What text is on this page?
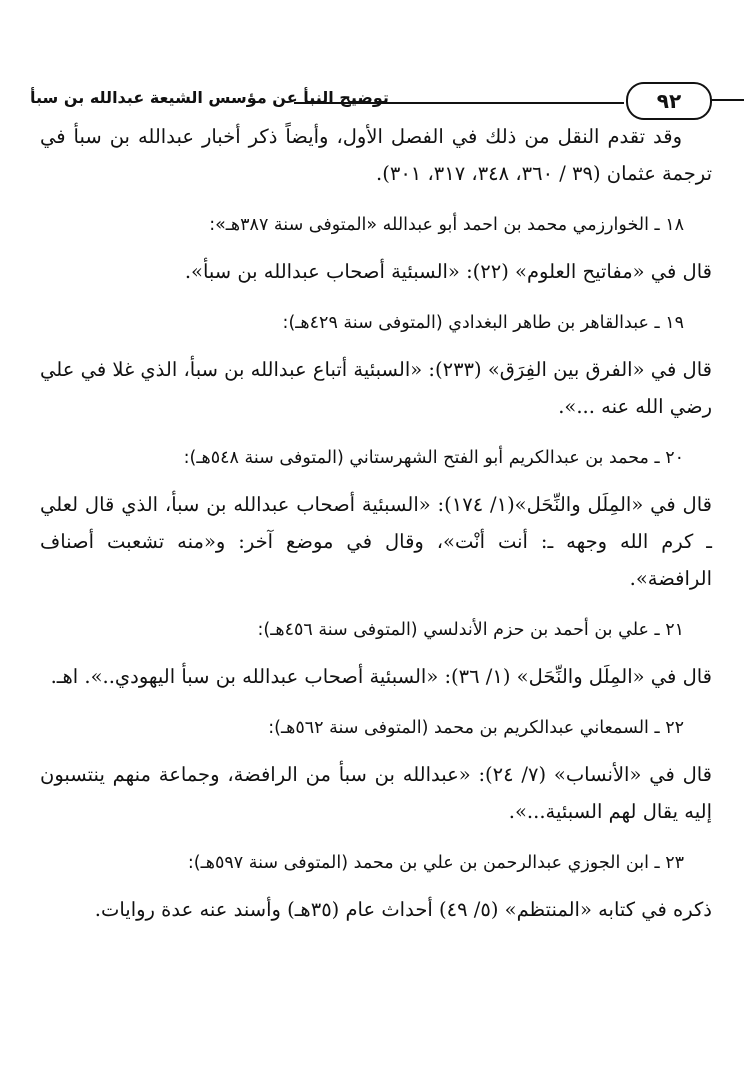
توضيح النبأ عن مؤسس الشيعة عبدالله بن سبأ	٩٢
وقد تقدم النقل من ذلك في الفصل الأول، وأيضاً ذكر أخبار عبدالله بن سبأ في ترجمة عثمان (٣٩ / ٣٦٠، ٣٤٨، ٣١٧، ٣٠١).
١٨ ـ الخوارزمي محمد بن احمد أبو عبدالله «المتوفى سنة ٣٨٧هـ»:
قال في «مفاتيح العلوم» (٢٢): «السبئية أصحاب عبدالله بن سبأ».
١٩ ـ عبدالقاهر بن طاهر البغدادي (المتوفى سنة ٤٢٩هـ):
قال في «الفرق بين الفِرَق» (٢٣٣): «السبئية أتباع عبدالله بن سبأ، الذي غلا في علي رضي الله عنه ...».
٢٠ ـ محمد بن عبدالكريم أبو الفتح الشهرستاني (المتوفى سنة ٥٤٨هـ):
قال في «المِلَل والنِّحَل»(١/ ١٧٤): «السبئية أصحاب عبدالله بن سبأ، الذي قال لعلي ـ كرم الله وجهه ـ: أنت أنْت»، وقال في موضع آخر: و«منه تشعبت أصناف الرافضة».
٢١ ـ علي بن أحمد بن حزم الأندلسي (المتوفى سنة ٤٥٦هـ):
قال في «المِلَل والنِّحَل» (١/ ٣٦): «السبئية أصحاب عبدالله بن سبأ اليهودي..». اهـ.
٢٢ ـ السمعاني عبدالكريم بن محمد (المتوفى سنة ٥٦٢هـ):
قال في «الأنساب» (٧/ ٢٤): «عبدالله بن سبأ من الرافضة، وجماعة منهم ينتسبون إليه يقال لهم السبئية...».
٢٣ ـ ابن الجوزي عبدالرحمن بن علي بن محمد (المتوفى سنة ٥٩٧هـ):
ذكره في كتابه «المنتظم» (٥/ ٤٩) أحداث عام (٣٥هـ) وأسند عنه عدة روايات.
